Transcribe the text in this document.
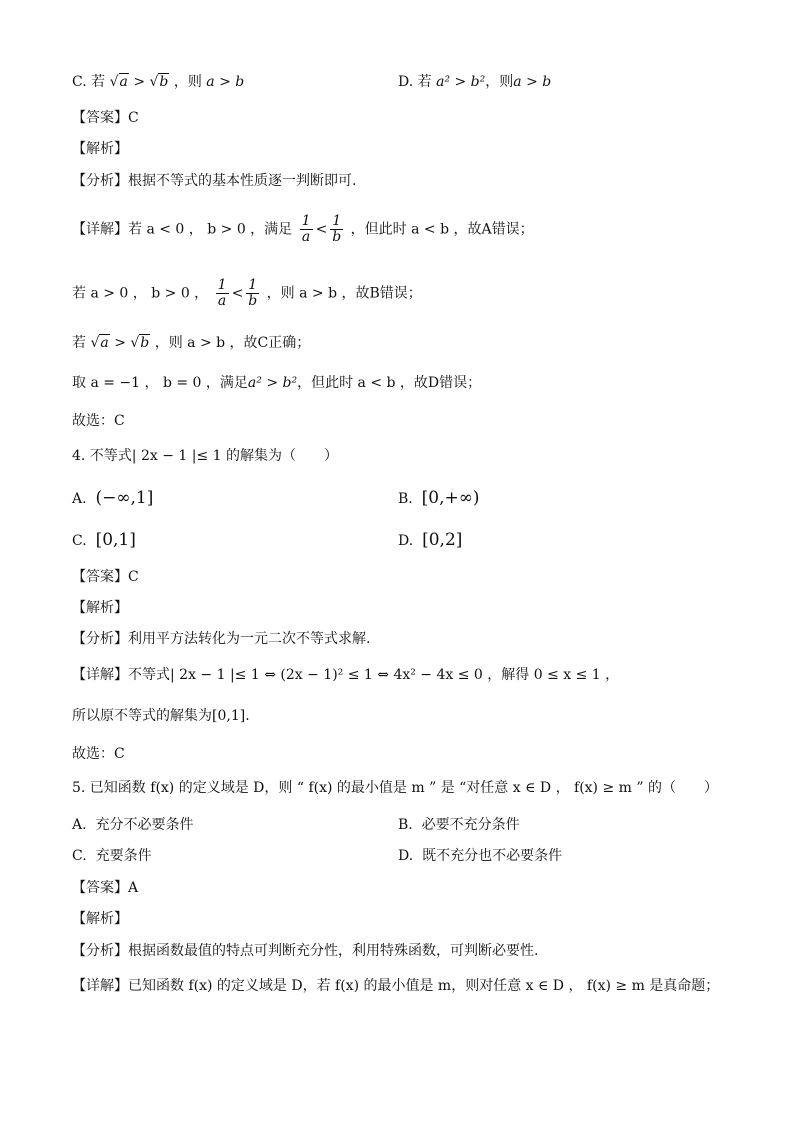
C. 若 √a > √b ，则 a > b	D. 若 a² > b²，则a > b
【答案】C
【解析】
【分析】根据不等式的基本性质逐一判断即可.
【详解】若 a < 0 ， b > 0 ，满足 $\frac{1}{a} < \frac{1}{b}$ ，但此时 a < b ，故A错误；
若 a > 0 ， b > 0 ， $\frac{1}{a} < \frac{1}{b}$ ，则 a > b ，故B错误；
若 √a > √b ，则 a > b ，故C正确；
取 a = −1 ， b = 0 ，满足a² > b²，但此时 a < b ，故D错误；
故选：C
4. 不等式| 2x − 1 |≤ 1 的解集为（　　）
A. (−∞,1]	B. [0,+∞)
C. [0,1]	D. [0,2]
【答案】C
【解析】
【分析】利用平方法转化为一元二次不等式求解.
【详解】不等式| 2x − 1 |≤ 1 ⇔ (2x − 1)² ≤ 1 ⇔ 4x² − 4x ≤ 0 ，解得 0 ≤ x ≤ 1 ，
所以原不等式的解集为[0,1].
故选：C
5. 已知函数 f(x) 的定义域是 D，则 “ f(x) 的最小值是 m ” 是 “对任意 x ∈ D ， f(x) ≥ m ” 的（　　）
A. 充分不必要条件	B. 必要不充分条件
C. 充要条件	D. 既不充分也不必要条件
【答案】A
【解析】
【分析】根据函数最值的特点可判断充分性，利用特殊函数，可判断必要性.
【详解】已知函数 f(x) 的定义域是 D，若 f(x) 的最小值是 m，则对任意 x ∈ D ， f(x) ≥ m 是真命题；
